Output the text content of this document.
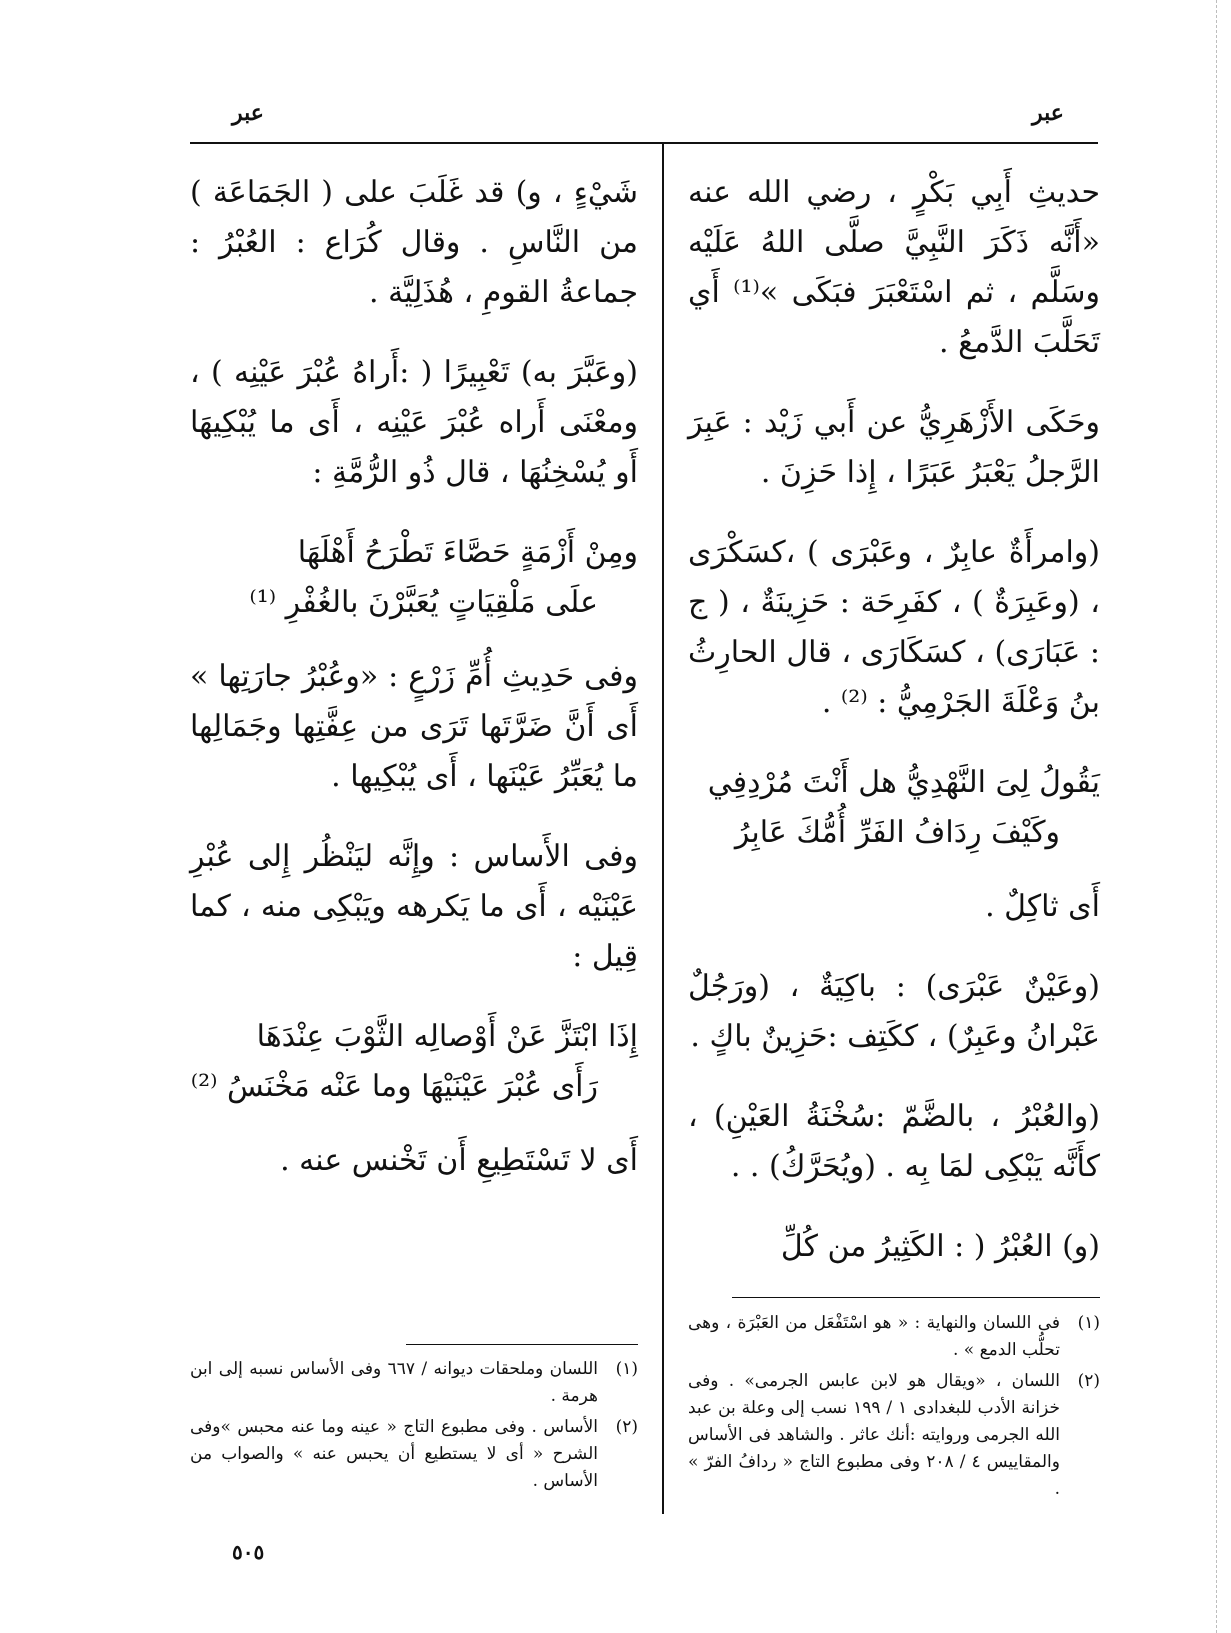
عبر
عبر

حديثِ أَبِي بَكْرٍ ، رضي الله عنه «أَنَّه ذَكَرَ النَّبِيَّ صلَّى اللهُ عَلَيْه وسَلَّم ، ثم اسْتَعْبَرَ فبَكَى »⁽¹⁾ أَي تَحَلَّبَ الدَّمعُ .

وحَكَى الأَزْهَرِيُّ عن أَبي زَيْد : عَبِرَ الرَّجلُ يَعْبَرُ عَبَرًا ، إِذا حَزِنَ .

(وامرأَةٌ عابِرٌ ، وعَبْرَى ) ،كسَكْرَى ، (وعَبِرَةٌ ) ، كفَرِحَة : حَزِينَةٌ ، ( ج : عَبَارَى) ، كسَكَارَى ، قال الحارِثُ بنُ وَعْلَةَ الجَرْمِيُّ : ⁽²⁾ .

يَقُولُ لِىَ النَّهْدِيُّ هل أَنْتَ مُرْدِفِي
وكَيْفَ رِدَافُ الفَرِّ أُمُّكَ عَابِرُ

أَى ثاكِلٌ .

(وعَيْنٌ عَبْرَى) : باكِيَةٌ ، (ورَجُلٌ عَبْرانُ وعَبِرٌ) ، ككَتِف :حَزِينٌ باكٍ .

(والعُبْرُ ، بالضَّمّ :سُخْنَةُ العَيْنِ) ، كأَنَّه يَبْكِى لمَا بِه . (ويُحَرَّكُ) . .

(و) العُبْرُ ( : الكَثِيرُ من كُلِّ

شَيْءٍ ، و) قد غَلَبَ على ( الجَمَاعَة ) من النَّاسِ . وقال كُرَاع : العُبْرُ : جماعةُ القومِ ، هُذَلِيَّة .

(وعَبَّرَ به) تَعْبِيرًا ( :أَراهُ عُبْرَ عَيْنِه ) ، ومعْنَى أَراه عُبْرَ عَيْنِه ، أَى ما يُبْكِيهَا أَو يُسْخِنُهَا ، قال ذُو الرُّمَّةِ :

ومِنْ أَزْمَةٍ حَصَّاءَ تَطْرَحُ أَهْلَهَا
علَى مَلْقِيَاتٍ يُعَبَّرْنَ بالغُفْرِ ⁽¹⁾

وفى حَدِيثِ أُمِّ زَرْعٍ : «وعُبْرُ جارَتِها » أَى أَنَّ ضَرَّتَها تَرَى من عِفَّتِها وجَمَالِها ما يُعَبِّرُ عَيْنَها ، أَى يُبْكِيها .

وفى الأَساس : وإِنَّه ليَنْظُر إِلى عُبْرِ عَيْنَيْه ، أَى ما يَكرهه ويَبْكِى منه ، كما قِيل :

إِذَا ابْتَزَّ عَنْ أَوْصالِه الثَّوْبَ عِنْدَهَا
رَأَى عُبْرَ عَيْنَيْهَا وما عَنْه مَخْنَسُ ⁽²⁾

أَى لا تَسْتَطِيعِ أَن تَخْنس عنه .

(١)
فى اللسان والنهاية : « هو اسْتَفْعَل من العَبْرَة ، وهى تحلُّب الدمع » .
(٢)
اللسان ، «ويقال هو لابن عابس الجرمى» . وفى خزانة الأدب للبغدادى ١ / ١٩٩ نسب إلى وعلة بن عبد الله الجرمى وروايته :أنك عاثر . والشاهد فى الأساس والمقاييس ٤ / ٢٠٨ وفى مطبوع التاج « ردافُ الفرّ » .
(١)
اللسان وملحقات ديوانه / ٦٦٧ وفى الأساس نسبه إلى ابن هرمة .
(٢)
الأساس . وفى مطبوع التاج « عينه وما عنه محبس »وفى الشرح « أى لا يستطيع أن يحبس عنه » والصواب من الأساس .
٥٠٥
